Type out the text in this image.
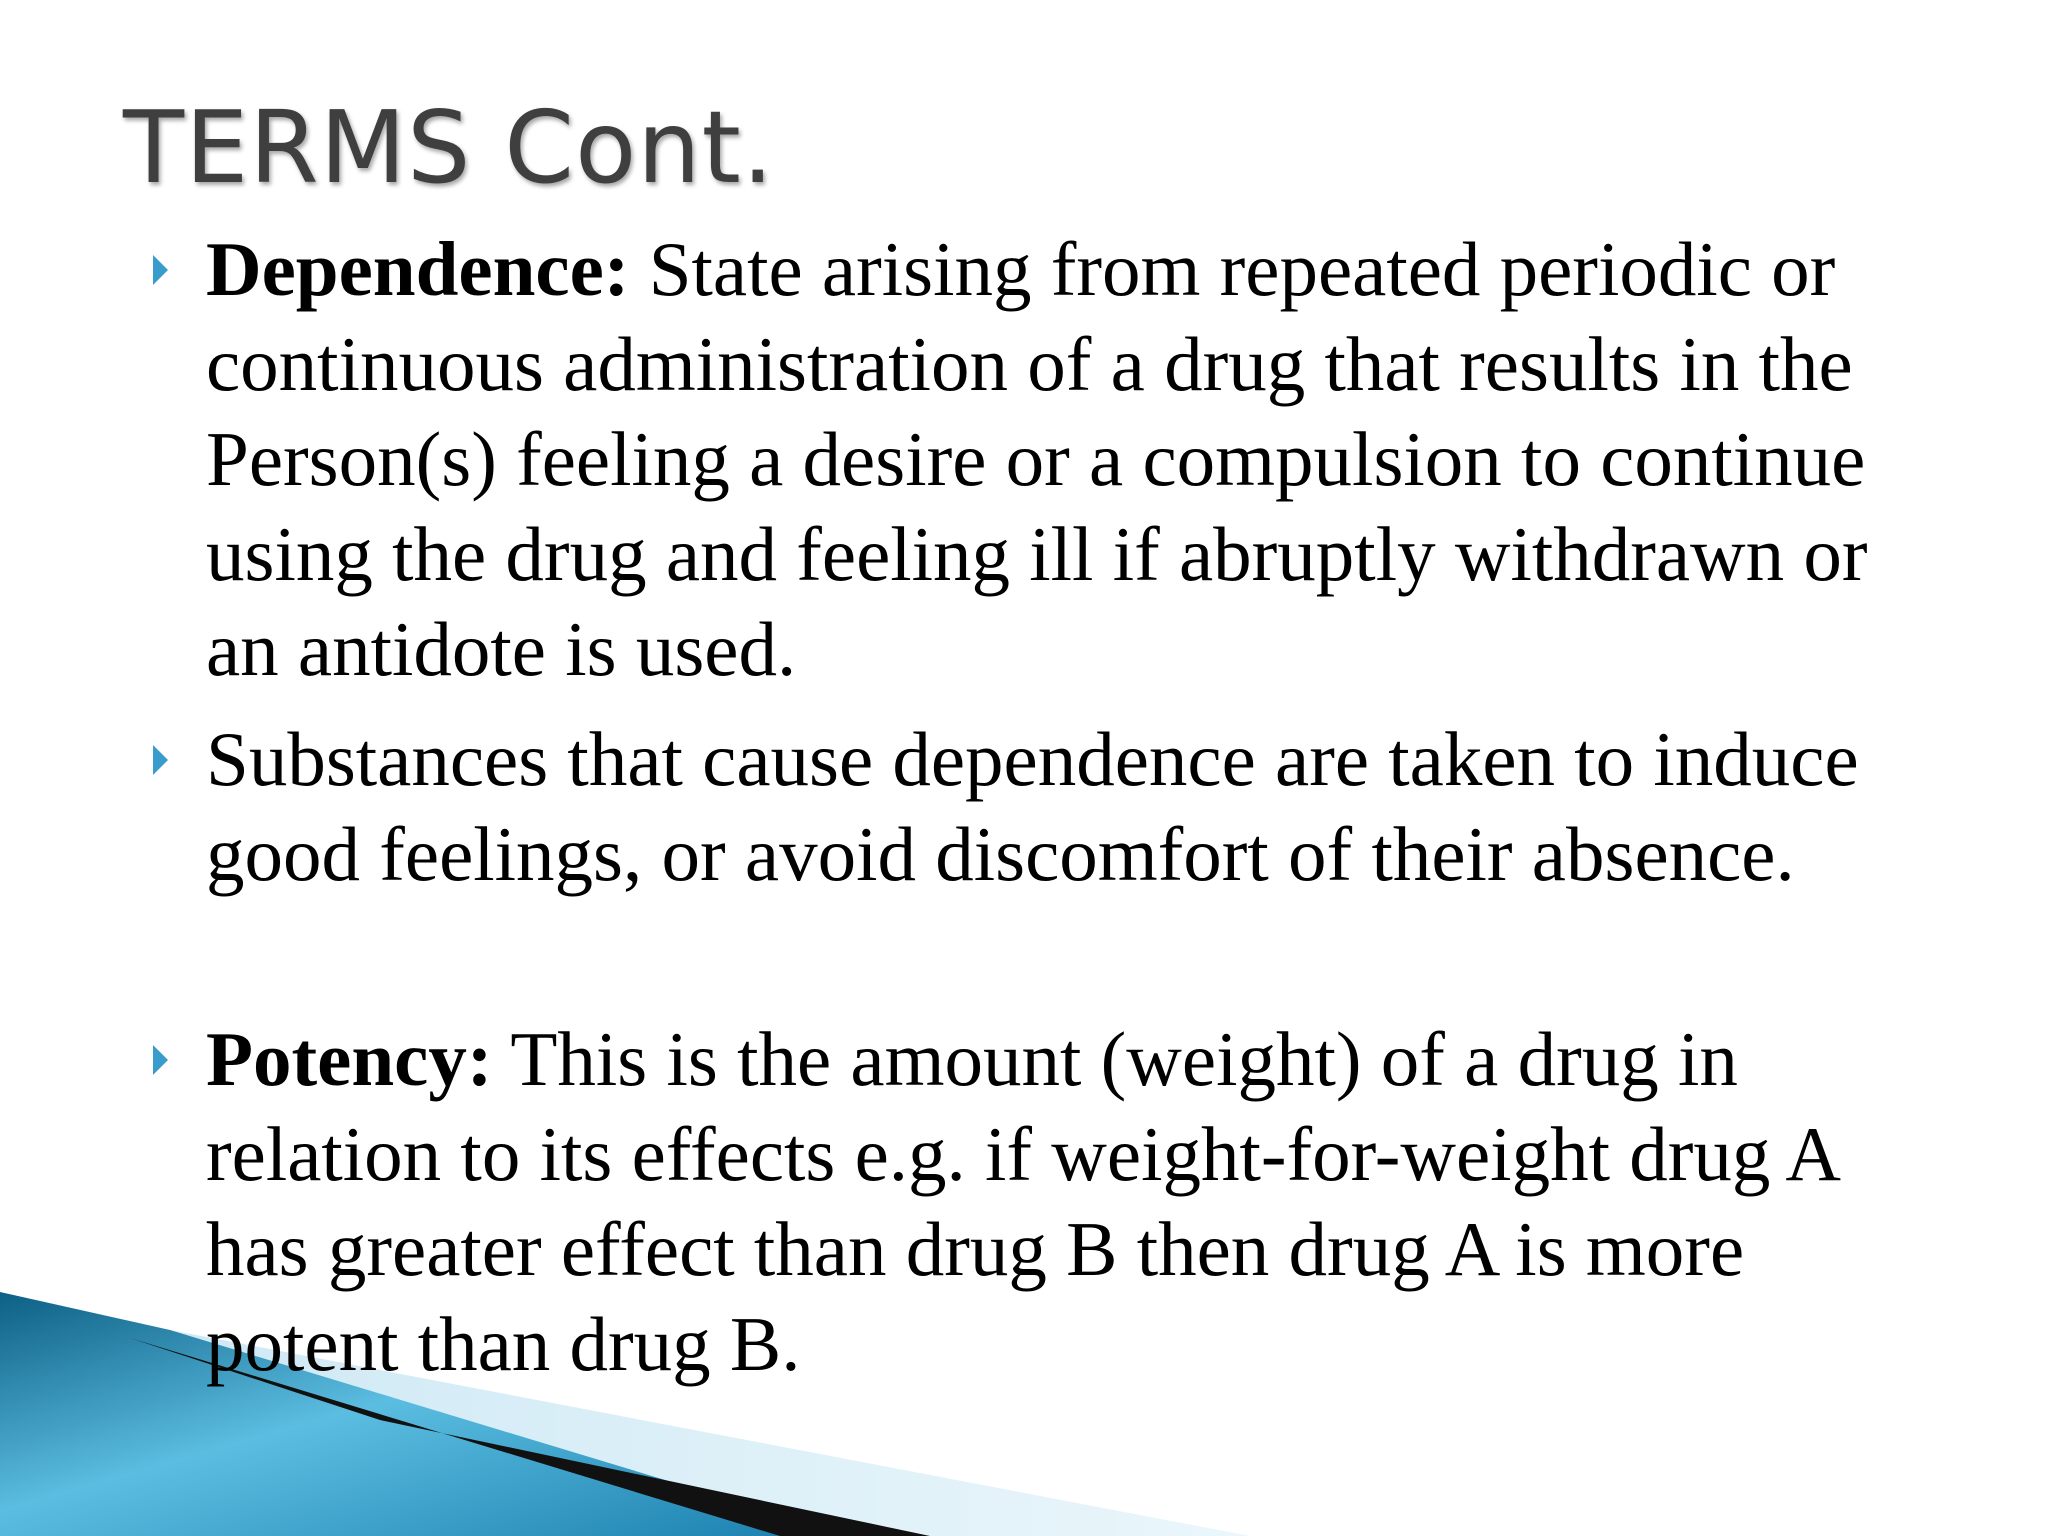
TERMS Cont.

Dependence: State arising from repeated periodic or
continuous administration of a drug that results in the
Person(s) feeling a desire or a compulsion to continue
using the drug and feeling ill if abruptly withdrawn or
an antidote is used.

Substances that cause dependence are taken to induce
good feelings, or avoid discomfort of their absence.

Potency: This is the amount (weight) of a drug in
relation to its effects e.g. if weight-for-weight drug A
has greater effect than drug B then drug A is more
potent than drug B.
